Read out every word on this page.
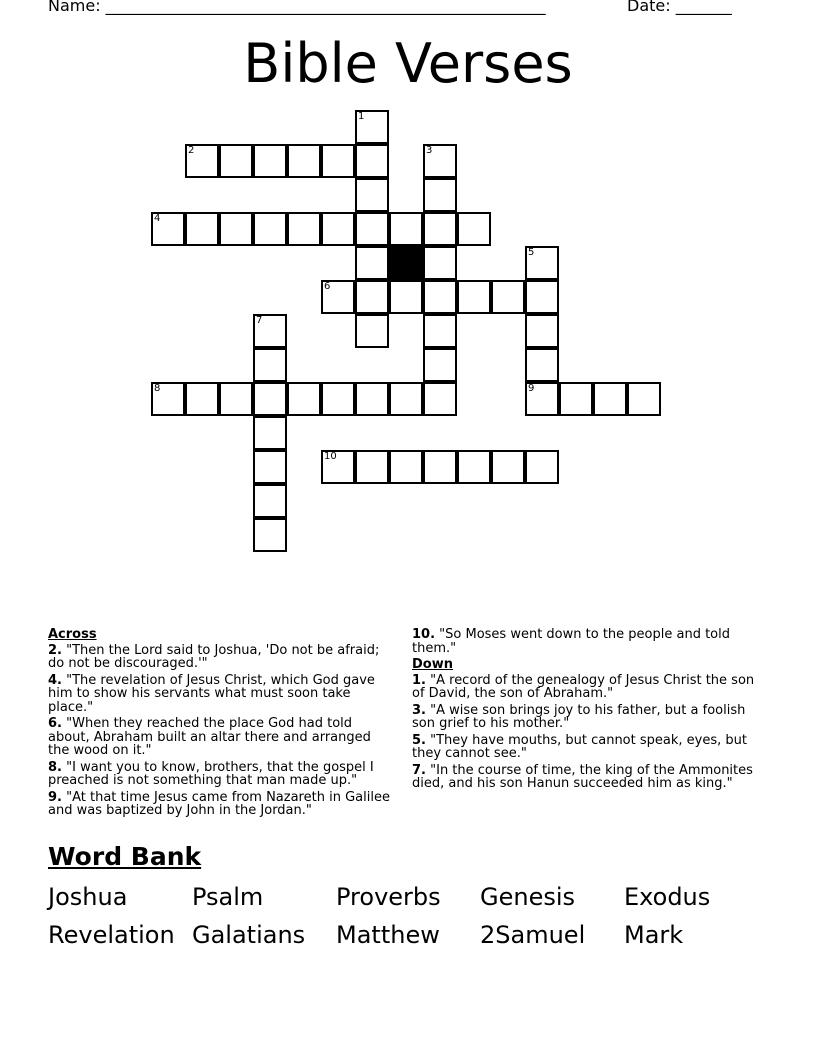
Name: _______________________________________________________	Date: _______
Bible Verses
1
2	3
4
5
6
7
8	9
10
Across
2. "Then the Lord said to Joshua, 'Do not be afraid; do not be discouraged.'"
4. "The revelation of Jesus Christ, which God gave him to show his servants what must soon take place."
6. "When they reached the place God had told about, Abraham built an altar there and arranged the wood on it."
8. "I want you to know, brothers, that the gospel I preached is not something that man made up."
9. "At that time Jesus came from Nazareth in Galilee and was baptized by John in the Jordan."
10. "So Moses went down to the people and told them."
Down
1. "A record of the genealogy of Jesus Christ the son of David, the son of Abraham."
3. "A wise son brings joy to his father, but a foolish son grief to his mother."
5. "They have mouths, but cannot speak, eyes, but they cannot see."
7. "In the course of time, the king of the Ammonites died, and his son Hanun succeeded him as king."
Word Bank
Joshua	Psalm	Proverbs Genesis Exodus
Revelation Galatians Matthew 2Samuel Mark
